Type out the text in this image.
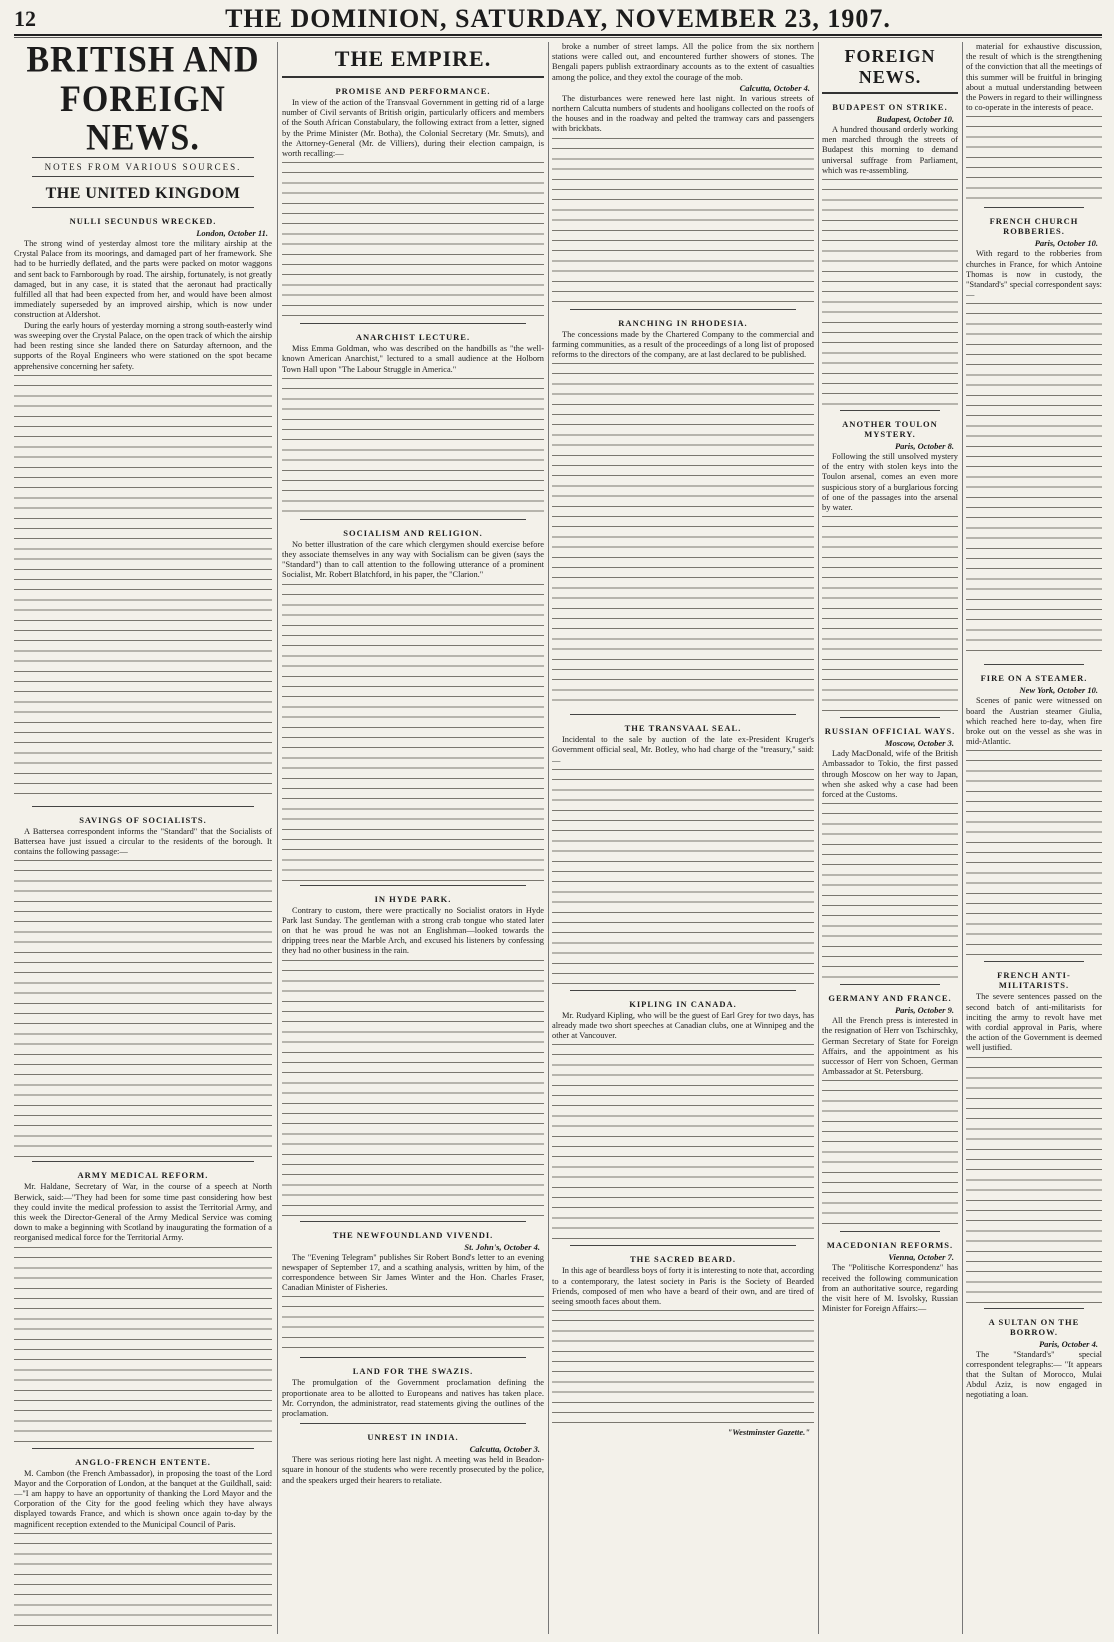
12	THE DOMINION, SATURDAY, NOVEMBER 23, 1907.
BRITISH AND FOREIGN NEWS.
NOTES FROM VARIOUS SOURCES.
THE UNITED KINGDOM
NULLI SECUNDUS WRECKED.
London, October 11.

The strong wind of yesterday almost tore the military airship at the Crystal Palace from its moorings, and damaged part of her framework. She had to be hurriedly deflated, and the parts were packed on motor waggons and sent back to Farnborough by road. The airship, fortunately, is not greatly damaged, but in any case, it is stated that the aeronaut had practically fulfilled all that had been expected from her, and would have been almost immediately superseded by an improved airship, which is now under construction at Aldershot.

During the early hours of yesterday morning a strong south-easterly wind was sweeping over the Crystal Palace, on the open track of which the airship had been resting since she landed there on Saturday afternoon, and the supports of the Royal Engineers who were stationed on the spot became apprehensive concerning her safety.

SAVINGS OF SOCIALISTS.

A Battersea correspondent informs the "Standard" that the Socialists of Battersea have just issued a circular to the residents of the borough. It contains the following passage:—

ARMY MEDICAL REFORM.

Mr. Haldane, Secretary of War, in the course of a speech at North Berwick, said:—"They had been for some time past considering how best they could invite the medical profession to assist the Territorial Army, and this week the Director-General of the Army Medical Service was coming down to make a beginning with Scotland by inaugurating the formation of a reorganised medical force for the Territorial Army.

ANGLO-FRENCH ENTENTE.

M. Cambon (the French Ambassador), in proposing the toast of the Lord Mayor and the Corporation of London, at the banquet at the Guildhall, said:—"I am happy to have an opportunity of thanking the Lord Mayor and the Corporation of the City for the good feeling which they have always displayed towards France, and which is shown once again to-day by the magnificent reception extended to the Municipal Council of Paris.

THE EMPIRE.
PROMISE AND PERFORMANCE.

In view of the action of the Transvaal Government in getting rid of a large number of Civil servants of British origin, particularly officers and members of the South African Constabulary, the following extract from a letter, signed by the Prime Minister (Mr. Botha), the Colonial Secretary (Mr. Smuts), and the Attorney-General (Mr. de Villiers), during their election campaign, is worth recalling:—

ANARCHIST LECTURE.

Miss Emma Goldman, who was described on the handbills as "the well-known American Anarchist," lectured to a small audience at the Holborn Town Hall upon "The Labour Struggle in America."

SOCIALISM AND RELIGION.

No better illustration of the care which clergymen should exercise before they associate themselves in any way with Socialism can be given (says the "Standard") than to call attention to the following utterance of a prominent Socialist, Mr. Robert Blatchford, in his paper, the "Clarion."

IN HYDE PARK.

Contrary to custom, there were practically no Socialist orators in Hyde Park last Sunday. The gentleman with a strong crab tongue who stated later on that he was proud he was not an Englishman—looked towards the dripping trees near the Marble Arch, and excused his listeners by confessing they had no other business in the rain.

THE NEWFOUNDLAND VIVENDI.
St. John's, October 4.

The "Evening Telegram" publishes Sir Robert Bond's letter to an evening newspaper of September 17, and a scathing analysis, written by him, of the correspondence between Sir James Winter and the Hon. Charles Fraser, Canadian Minister of Fisheries.

LAND FOR THE SWAZIS.

The promulgation of the Government proclamation defining the proportionate area to be allotted to Europeans and natives has taken place. Mr. Corryndon, the administrator, read statements giving the outlines of the proclamation.

UNREST IN INDIA.
Calcutta, October 3.

There was serious rioting here last night. A meeting was held in Beadon-square in honour of the students who were recently prosecuted by the police, and the speakers urged their hearers to retaliate.

broke a number of street lamps. All the police from the six northern stations were called out, and encountered further showers of stones. The Bengali papers publish extraordinary accounts as to the extent of casualties among the police, and they extol the courage of the mob.

Calcutta, October 4.

The disturbances were renewed here last night. In various streets of northern Calcutta numbers of students and hooligans collected on the roofs of the houses and in the roadway and pelted the tramway cars and passengers with brickbats.

RANCHING IN RHODESIA.

The concessions made by the Chartered Company to the commercial and farming communities, as a result of the proceedings of a long list of proposed reforms to the directors of the company, are at last declared to be published.

THE TRANSVAAL SEAL.

Incidental to the sale by auction of the late ex-President Kruger's Government official seal, Mr. Botley, who had charge of the "treasury," said:—

KIPLING IN CANADA.

Mr. Rudyard Kipling, who will be the guest of Earl Grey for two days, has already made two short speeches at Canadian clubs, one at Winnipeg and the other at Vancouver.

THE SACRED BEARD.

In this age of beardless boys of forty it is interesting to note that, according to a contemporary, the latest society in Paris is the Society of Bearded Friends, composed of men who have a beard of their own, and are tired of seeing smooth faces about them.

"Westminster Gazette."
FOREIGN NEWS.
BUDAPEST ON STRIKE.
Budapest, October 10.

A hundred thousand orderly working men marched through the streets of Budapest this morning to demand universal suffrage from Parliament, which was re-assembling.

ANOTHER TOULON MYSTERY.
Paris, October 8.

Following the still unsolved mystery of the entry with stolen keys into the Toulon arsenal, comes an even more suspicious story of a burglarious forcing of one of the passages into the arsenal by water.

RUSSIAN OFFICIAL WAYS.
Moscow, October 3.

Lady MacDonald, wife of the British Ambassador to Tokio, the first passed through Moscow on her way to Japan, when she asked why a case had been forced at the Customs.

GERMANY AND FRANCE.
Paris, October 9.

All the French press is interested in the resignation of Herr von Tschirschky, German Secretary of State for Foreign Affairs, and the appointment as his successor of Herr von Schoen, German Ambassador at St. Petersburg.

MACEDONIAN REFORMS.
Vienna, October 7.

The "Politische Korrespondenz" has received the following communication from an authoritative source, regarding the visit here of M. Isvolsky, Russian Minister for Foreign Affairs:—

material for exhaustive discussion, the result of which is the strengthening of the conviction that all the meetings of this summer will be fruitful in bringing about a mutual understanding between the Powers in regard to their willingness to co-operate in the interests of peace.

FRENCH CHURCH ROBBERIES.
Paris, October 10.

With regard to the robberies from churches in France, for which Antoine Thomas is now in custody, the "Standard's" special correspondent says:—

FIRE ON A STEAMER.
New York, October 10.

Scenes of panic were witnessed on board the Austrian steamer Giulia, which reached here to-day, when fire broke out on the vessel as she was in mid-Atlantic.

FRENCH ANTI-MILITARISTS.

The severe sentences passed on the second batch of anti-militarists for inciting the army to revolt have met with cordial approval in Paris, where the action of the Government is deemed well justified.

A SULTAN ON THE BORROW.
Paris, October 4.

The "Standard's" special correspondent telegraphs:— "It appears that the Sultan of Morocco, Mulai Abdul Aziz, is now engaged in negotiating a loan.
